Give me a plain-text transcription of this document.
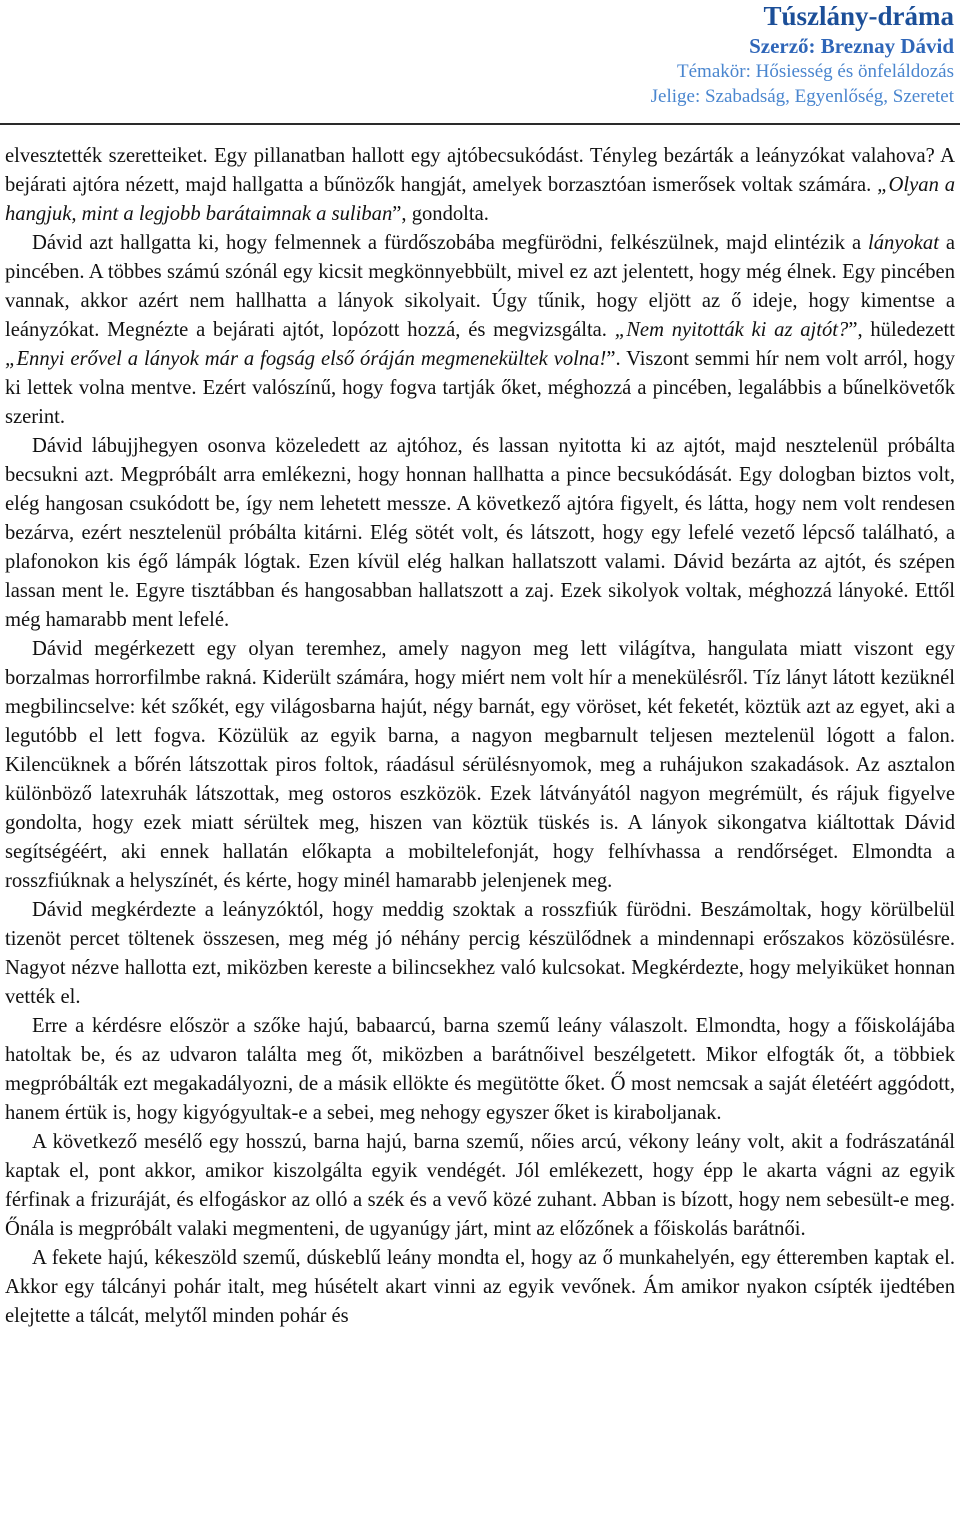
Túszlány-dráma
Szerző: Breznay Dávid
Témakör: Hősiesség és önfeláldozás
Jelige: Szabadság, Egyenlőség, Szeretet

elvesztették szeretteiket. Egy pillanatban hallott egy ajtóbecsukódást. Tényleg bezárták a leányzókat valahova? A bejárati ajtóra nézett, majd hallgatta a bűnözők hangját, amelyek borzasztóan ismerősek voltak számára. „Olyan a hangjuk, mint a legjobb barátaimnak a suliban”, gondolta.

Dávid azt hallgatta ki, hogy felmennek a fürdőszobába megfürödni, felkészülnek, majd elintézik a lányokat a pincében. A többes számú szónál egy kicsit megkönnyebbült, mivel ez azt jelentett, hogy még élnek. Egy pincében vannak, akkor azért nem hallhatta a lányok sikolyait. Úgy tűnik, hogy eljött az ő ideje, hogy kimentse a leányzókat. Megnézte a bejárati ajtót, lopózott hozzá, és megvizsgálta. „Nem nyitották ki az ajtót?”, hüledezett „Ennyi erővel a lányok már a fogság első óráján megmenekültek volna!”. Viszont semmi hír nem volt arról, hogy ki lettek volna mentve. Ezért valószínű, hogy fogva tartják őket, méghozzá a pincében, legalábbis a bűnelkövetők szerint.

Dávid lábujjhegyen osonva közeledett az ajtóhoz, és lassan nyitotta ki az ajtót, majd nesztelenül próbálta becsukni azt. Megpróbált arra emlékezni, hogy honnan hallhatta a pince becsukódását. Egy dologban biztos volt, elég hangosan csukódott be, így nem lehetett messze. A következő ajtóra figyelt, és látta, hogy nem volt rendesen bezárva, ezért nesztelenül próbálta kitárni. Elég sötét volt, és látszott, hogy egy lefelé vezető lépcső található, a plafonokon kis égő lámpák lógtak. Ezen kívül elég halkan hallatszott valami. Dávid bezárta az ajtót, és szépen lassan ment le. Egyre tisztábban és hangosabban hallatszott a zaj. Ezek sikolyok voltak, méghozzá lányoké. Ettől még hamarabb ment lefelé.

Dávid megérkezett egy olyan teremhez, amely nagyon meg lett világítva, hangulata miatt viszont egy borzalmas horrorfilmbe rakná. Kiderült számára, hogy miért nem volt hír a menekülésről. Tíz lányt látott kezüknél megbilincselve: két szőkét, egy világosbarna hajút, négy barnát, egy vöröset, két feketét, köztük azt az egyet, aki a legutóbb el lett fogva. Közülük az egyik barna, a nagyon megbarnult teljesen meztelenül lógott a falon. Kilencüknek a bőrén látszottak piros foltok, ráadásul sérülésnyomok, meg a ruhájukon szakadások. Az asztalon különböző latexruhák látszottak, meg ostoros eszközök. Ezek látványától nagyon megrémült, és rájuk figyelve gondolta, hogy ezek miatt sérültek meg, hiszen van köztük tüskés is. A lányok sikongatva kiáltottak Dávid segítségéért, aki ennek hallatán előkapta a mobiltelefonját, hogy felhívhassa a rendőrséget. Elmondta a rosszfiúknak a helyszínét, és kérte, hogy minél hamarabb jelenjenek meg.

Dávid megkérdezte a leányzóktól, hogy meddig szoktak a rosszfiúk fürödni. Beszámoltak, hogy körülbelül tizenöt percet töltenek összesen, meg még jó néhány percig készülődnek a mindennapi erőszakos közösülésre. Nagyot nézve hallotta ezt, miközben kereste a bilincsekhez való kulcsokat. Megkérdezte, hogy melyiküket honnan vették el.

Erre a kérdésre először a szőke hajú, babaarcú, barna szemű leány válaszolt. Elmondta, hogy a főiskolájába hatoltak be, és az udvaron találta meg őt, miközben a barátnőivel beszélgetett. Mikor elfogták őt, a többiek megpróbálták ezt megakadályozni, de a másik ellökte és megütötte őket. Ő most nemcsak a saját életéért aggódott, hanem értük is, hogy kigyógyultak-e a sebei, meg nehogy egyszer őket is kiraboljanak.

A következő mesélő egy hosszú, barna hajú, barna szemű, nőies arcú, vékony leány volt, akit a fodrászatánál kaptak el, pont akkor, amikor kiszolgálta egyik vendégét. Jól emlékezett, hogy épp le akarta vágni az egyik férfinak a frizuráját, és elfogáskor az olló a szék és a vevő közé zuhant. Abban is bízott, hogy nem sebesült-e meg. Őnála is megpróbált valaki megmenteni, de ugyanúgy járt, mint az előzőnek a főiskolás barátnői.

A fekete hajú, kékeszöld szemű, dúskeblű leány mondta el, hogy az ő munkahelyén, egy étteremben kaptak el. Akkor egy tálcányi pohár italt, meg húsételt akart vinni az egyik vevőnek. Ám amikor nyakon csípték ijedtében elejtette a tálcát, melytől minden pohár és
